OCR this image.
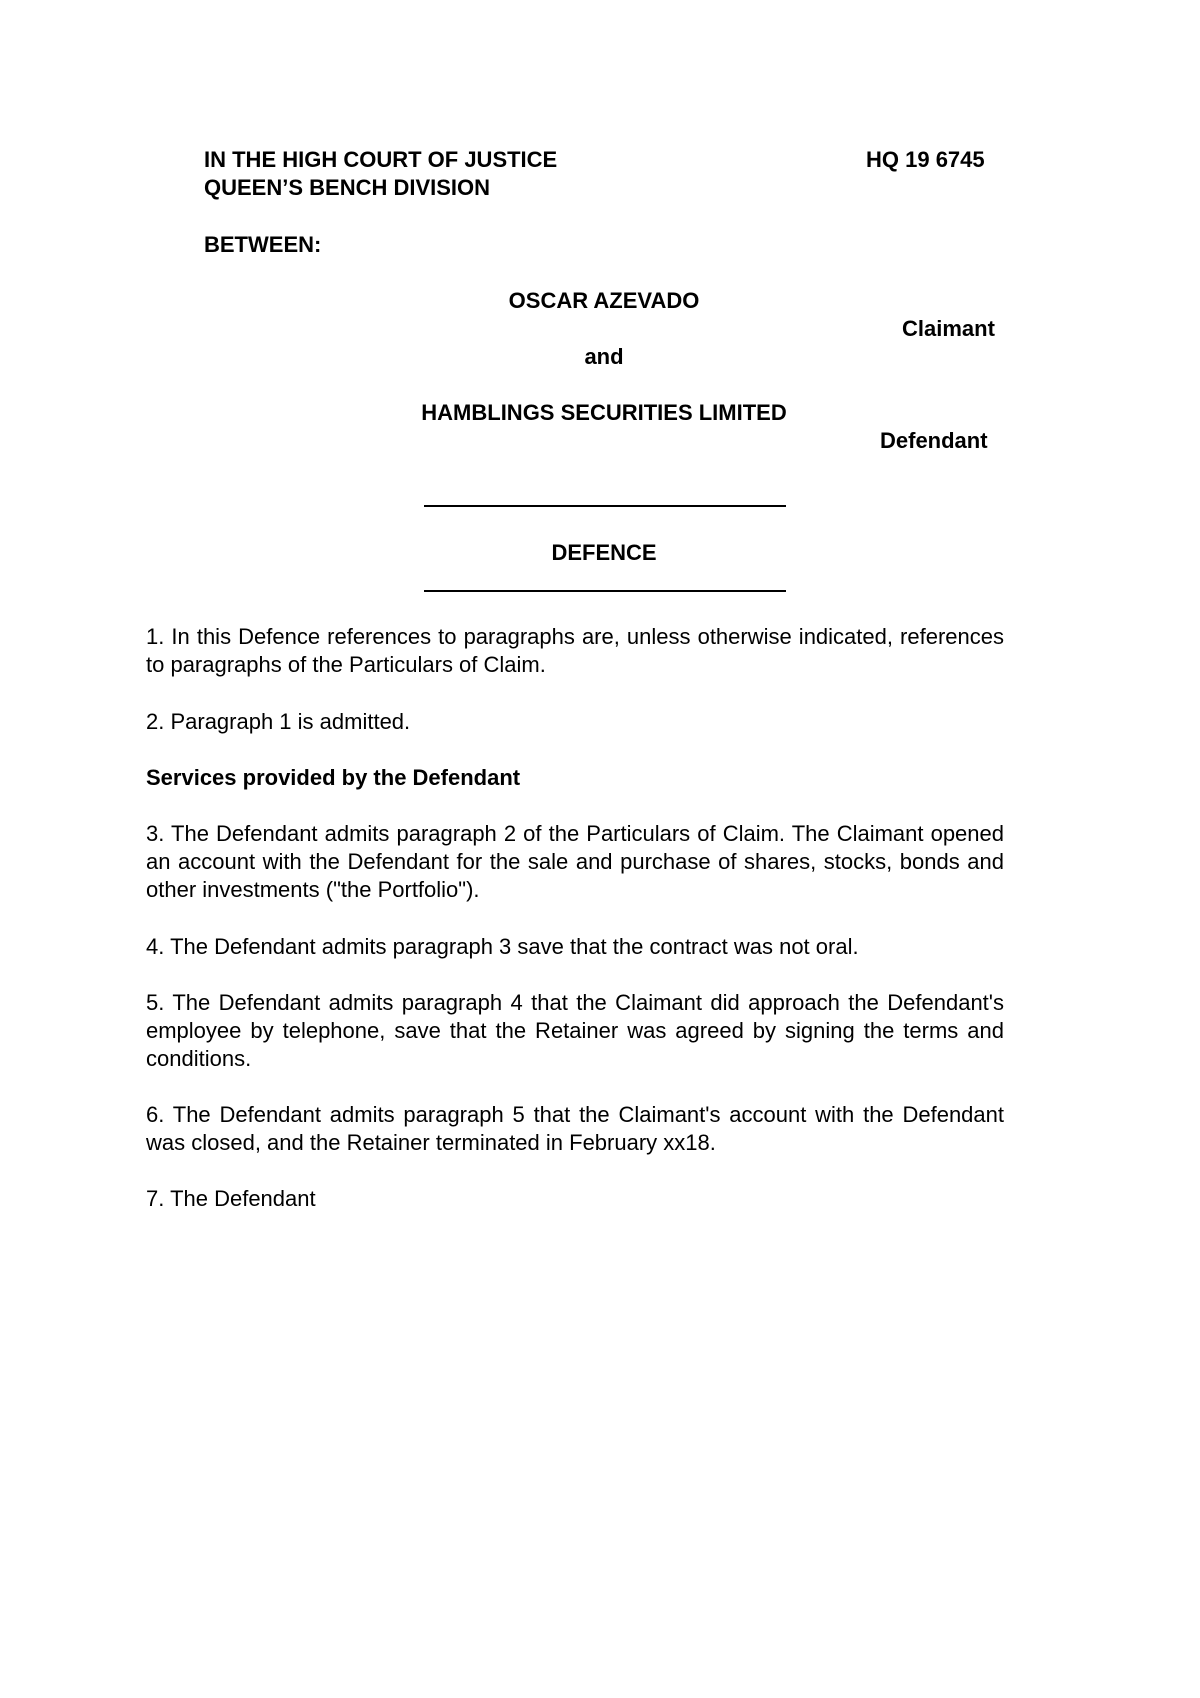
IN THE HIGH COURT OF JUSTICE	HQ 19 6745

QUEEN’S BENCH DIVISION

BETWEEN:

OSCAR AZEVADO

Claimant

and

HAMBLINGS SECURITIES LIMITED

Defendant

DEFENCE

1. In this Defence references to paragraphs are, unless otherwise indicated, references to paragraphs of the Particulars of Claim.

2. Paragraph 1 is admitted.

Services provided by the Defendant

3. The Defendant admits paragraph 2 of the Particulars of Claim. The Claimant opened an account with the Defendant for the sale and purchase of shares, stocks, bonds and other investments ("the Portfolio").

4. The Defendant admits paragraph 3 save that the contract was not oral.

5. The Defendant admits paragraph 4 that the Claimant did approach the Defendant's employee by telephone, save that the Retainer was agreed by signing the terms and conditions.

6. The Defendant admits paragraph 5 that the Claimant's account with the Defendant was closed, and the Retainer terminated in February xx18.

7. The Defendant
